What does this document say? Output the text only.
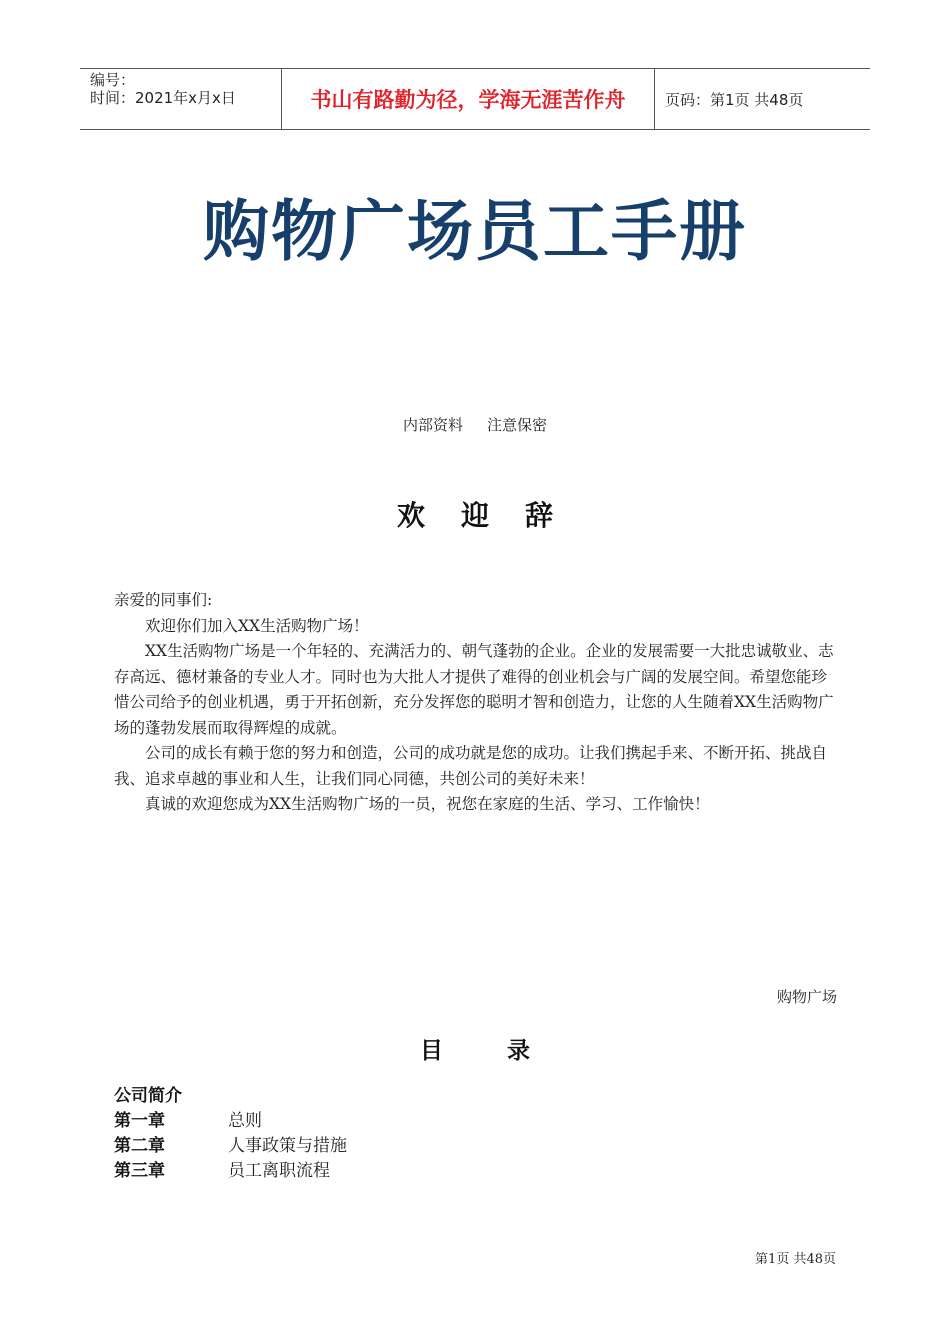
编号：
时间：2021年x月x日	书山有路勤为径，学海无涯苦作舟	页码：第1页 共48页
购物广场员工手册
内部资料 注意保密
欢迎辞

亲爱的同事们:

欢迎你们加入XX生活购物广场！

XX生活购物广场是一个年轻的、充满活力的、朝气蓬勃的企业。企业的发展需要一大批忠诚敬业、志存高远、德材兼备的专业人才。同时也为大批人才提供了难得的创业机会与广阔的发展空间。希望您能珍惜公司给予的创业机遇，勇于开拓创新，充分发挥您的聪明才智和创造力，让您的人生随着XX生活购物广场的蓬勃发展而取得辉煌的成就。

公司的成长有赖于您的努力和创造，公司的成功就是您的成功。让我们携起手来、不断开拓、挑战自我、追求卓越的事业和人生，让我们同心同德，共创公司的美好未来！

真诚的欢迎您成为XX生活购物广场的一员，祝您在家庭的生活、学习、工作愉快！

购物广场
目录
公司简介
第一章	总则
第二章	人事政策与措施
第三章	员工离职流程
第1页 共48页
